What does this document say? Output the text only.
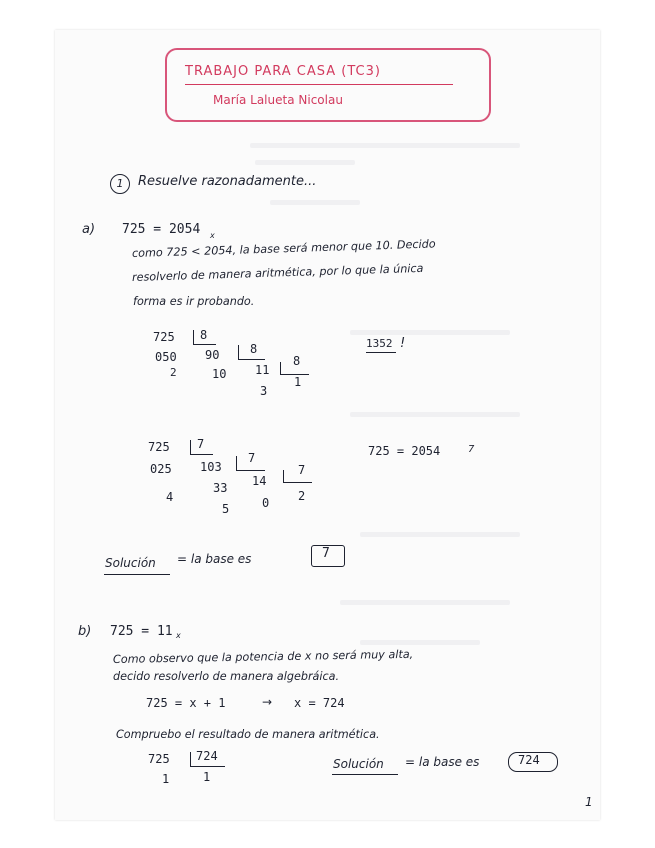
TRABAJO PARA CASA (TC3)
María Lalueta Nicolau
1	Resuelve razonadamente...
a) 725 = 2054 x
como 725 < 2054, la base será menor que 10. Decido
resolverlo de manera aritmética, por lo que la única
forma es ir probando.
725 8
050 90	8
2	10 11
8
3
1
1352 !
725 7
025 103
7
4
33 14
7
5	0 2
725 = 2054	7
Solución = la base es	7
b) 725 = 11 x
Como observo que la potencia de x no será muy alta,
decido resolverlo de manera algebráica.
725 = x + 1	→ x = 724
Compruebo el resultado de manera aritmética.
725 724
1	1
Solución = la base es	724
1
